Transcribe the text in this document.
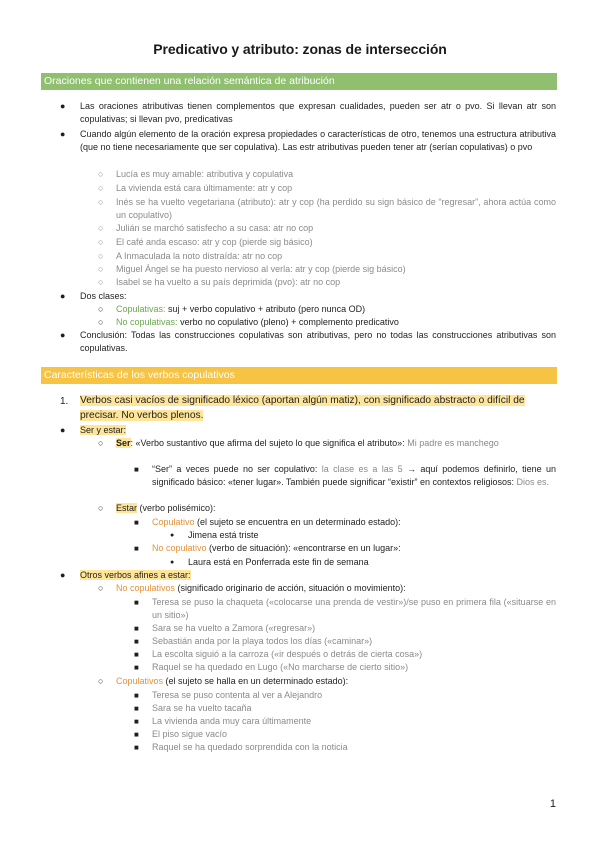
Predicativo y atributo: zonas de intersección
Oraciones que contienen una relación semántica de atribución
● Las oraciones atributivas tienen complementos que expresan cualidades, pueden ser atr o pvo. Si llevan atr son copulativas; si llevan pvo, predicativas
● Cuando algún elemento de la oración expresa propiedades o características de otro, tenemos una estructura atributiva (que no tiene necesariamente que ser copulativa). Las estr atributivas pueden tener atr (serían copulativas) o pvo
○ Lucía es muy amable: atributiva y copulativa
○ La vivienda está cara últimamente: atr y cop
○ Inés se ha vuelto vegetariana (atributo): atr y cop (ha perdido su sign básico de “regresar”, ahora actúa como un copulativo)
○ Julián se marchó satisfecho a su casa: atr no cop
○ El café anda escaso: atr y cop (pierde sig básico)
○ A Inmaculada la noto distraída: atr no cop
○ Miguel Ángel se ha puesto nervioso al verla: atr y cop (pierde sig básico)
○ Isabel se ha vuelto a su país deprimida (pvo): atr no cop
● Dos clases:
○ Copulativas: suj + verbo copulativo + atributo (pero nunca OD)
○ No copulativas: verbo no copulativo (pleno) + complemento predicativo
● Conclusión: Todas las construcciones copulativas son atributivas, pero no todas las construcciones atributivas son copulativas.
Características de los verbos copulativos
1. Verbos casi vacíos de significado léxico (aportan algún matiz), con significado abstracto o difícil de precisar. No verbos plenos.
● Ser y estar:
○ Ser: «Verbo sustantivo que afirma del sujeto lo que significa el atributo»: Mi padre es manchego
■ “Ser” a veces puede no ser copulativo: la clase es a las 5 → aquí podemos definirlo, tiene un significado básico: «tener lugar». También puede significar “existir” en contextos religiosos: Dios es.
○ Estar (verbo polisémico):
■ Copulativo (el sujeto se encuentra en un determinado estado):
● Jimena está triste
■ No copulativo (verbo de situación): «encontrarse en un lugar»:
● Laura está en Ponferrada este fin de semana
● Otros verbos afines a estar:
○ No copulativos (significado originario de acción, situación o movimiento):
■ Teresa se puso la chaqueta («colocarse una prenda de vestir»)/se puso en primera fila («situarse en un sitio»)
■ Sara se ha vuelto a Zamora («regresar»)
■ Sebastián anda por la playa todos los días («caminar»)
■ La escolta siguió a la carroza («ir después o detrás de cierta cosa»)
■ Raquel se ha quedado en Lugo («No marcharse de cierto sitio»)
○ Copulativos (el sujeto se halla en un determinado estado):
■ Teresa se puso contenta al ver a Alejandro
■ Sara se ha vuelto tacaña
■ La vivienda anda muy cara últimamente
■ El piso sigue vacío
■ Raquel se ha quedado sorprendida con la noticia
1
